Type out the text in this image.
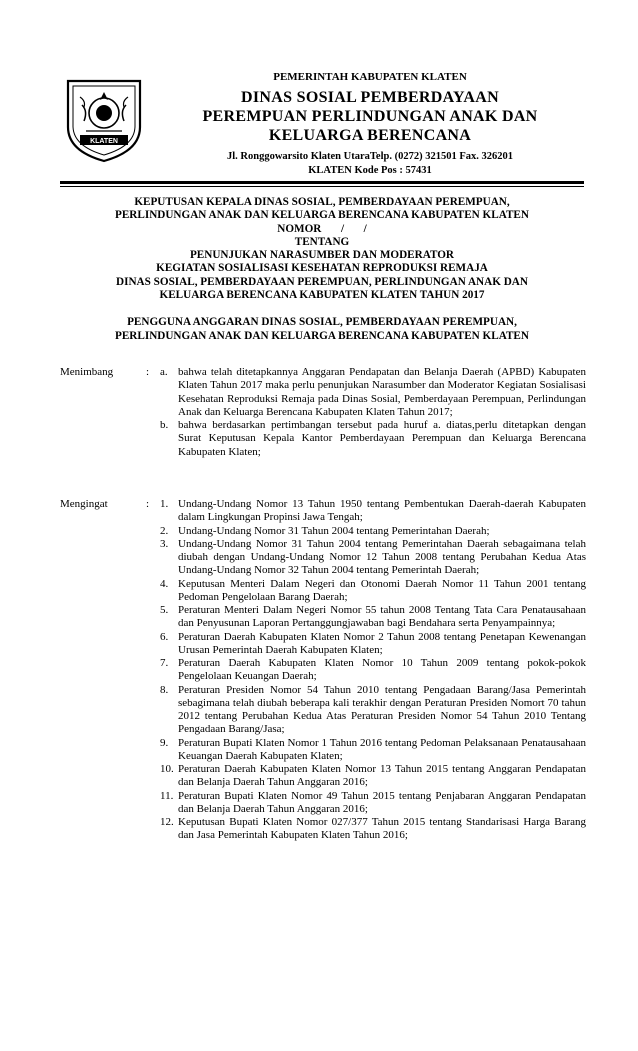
KLATEN
PEMERINTAH KABUPATEN KLATEN
DINAS SOSIAL PEMBERDAYAAN
PEREMPUAN PERLINDUNGAN ANAK DAN
KELUARGA BERENCANA
Jl. Ronggowarsito Klaten UtaraTelp. (0272) 321501 Fax. 326201
KLATEN Kode Pos : 57431
KEPUTUSAN KEPALA DINAS SOSIAL, PEMBERDAYAAN PEREMPUAN,
PERLINDUNGAN ANAK DAN KELUARGA BERENCANA KABUPATEN KLATEN
NOMOR       /       /
TENTANG
PENUNJUKAN NARASUMBER DAN MODERATOR
KEGIATAN SOSIALISASI KESEHATAN REPRODUKSI REMAJA
DINAS SOSIAL, PEMBERDAYAAN PEREMPUAN, PERLINDUNGAN ANAK DAN
KELUARGA BERENCANA KABUPATEN KLATEN TAHUN 2017
PENGGUNA ANGGARAN DINAS SOSIAL, PEMBERDAYAAN PEREMPUAN,
PERLINDUNGAN ANAK DAN KELUARGA BERENCANA KABUPATEN KLATEN
Menimbang	: a. bahwa telah ditetapkannya Anggaran Pendapatan dan Belanja Daerah (APBD) Kabupaten Klaten Tahun 2017 maka perlu penunjukan Narasumber dan Moderator Kegiatan Sosialisasi Kesehatan Reproduksi Remaja pada Dinas Sosial, Pemberdayaan Perempuan, Perlindungan Anak dan Keluarga Berencana Kabupaten Klaten Tahun 2017;
b. bahwa berdasarkan pertimbangan tersebut pada huruf a. diatas,perlu ditetapkan dengan Surat Keputusan Kepala Kantor Pemberdayaan Perempuan dan Keluarga Berencana Kabupaten Klaten;
Mengingat	: 1. Undang-Undang Nomor 13 Tahun 1950 tentang Pembentukan Daerah-daerah Kabupaten dalam Lingkungan Propinsi Jawa Tengah;
2. Undang-Undang Nomor 31 Tahun 2004 tentang Pemerintahan Daerah;
3. Undang-Undang Nomor 31 Tahun 2004 tentang Pemerintahan Daerah sebagaimana telah diubah dengan Undang-Undang Nomor 12 Tahun 2008 tentang Perubahan Kedua Atas Undang-Undang Nomor 32 Tahun 2004 tentang Pemerintah Daerah;
4. Keputusan Menteri Dalam Negeri dan Otonomi Daerah Nomor 11 Tahun 2001 tentang Pedoman Pengelolaan Barang Daerah;
5. Peraturan Menteri Dalam Negeri Nomor 55 tahun 2008 Tentang Tata Cara Penatausahaan dan Penyusunan Laporan Pertanggungjawaban bagi Bendahara serta Penyampainnya;
6. Peraturan Daerah Kabupaten Klaten Nomor 2 Tahun 2008 tentang Penetapan Kewenangan Urusan Pemerintah Daerah Kabupaten Klaten;
7. Peraturan Daerah Kabupaten Klaten Nomor 10 Tahun 2009 tentang pokok-pokok Pengelolaan Keuangan Daerah;
8. Peraturan Presiden Nomor 54 Tahun 2010 tentang Pengadaan Barang/Jasa Pemerintah sebagimana telah diubah beberapa kali terakhir dengan Peraturan Presiden Nomort 70 tahun 2012 tentang Perubahan Kedua Atas Peraturan Presiden Nomor 54 Tahun 2010 Tentang Pengadaan Barang/Jasa;
9. Peraturan Bupati Klaten Nomor 1 Tahun 2016 tentang Pedoman Pelaksanaan Penatausahaan Keuangan Daerah Kabupaten Klaten;
10. Peraturan Daerah Kabupaten Klaten Nomor 13 Tahun 2015 tentang Anggaran Pendapatan dan Belanja Daerah Tahun Anggaran 2016;
11. Peraturan Bupati Klaten Nomor 49 Tahun 2015 tentang Penjabaran Anggaran Pendapatan dan Belanja Daerah Tahun Anggaran 2016;
12. Keputusan Bupati Klaten Nomor 027/377 Tahun 2015 tentang Standarisasi Harga Barang dan Jasa Pemerintah Kabupaten Klaten Tahun 2016;
